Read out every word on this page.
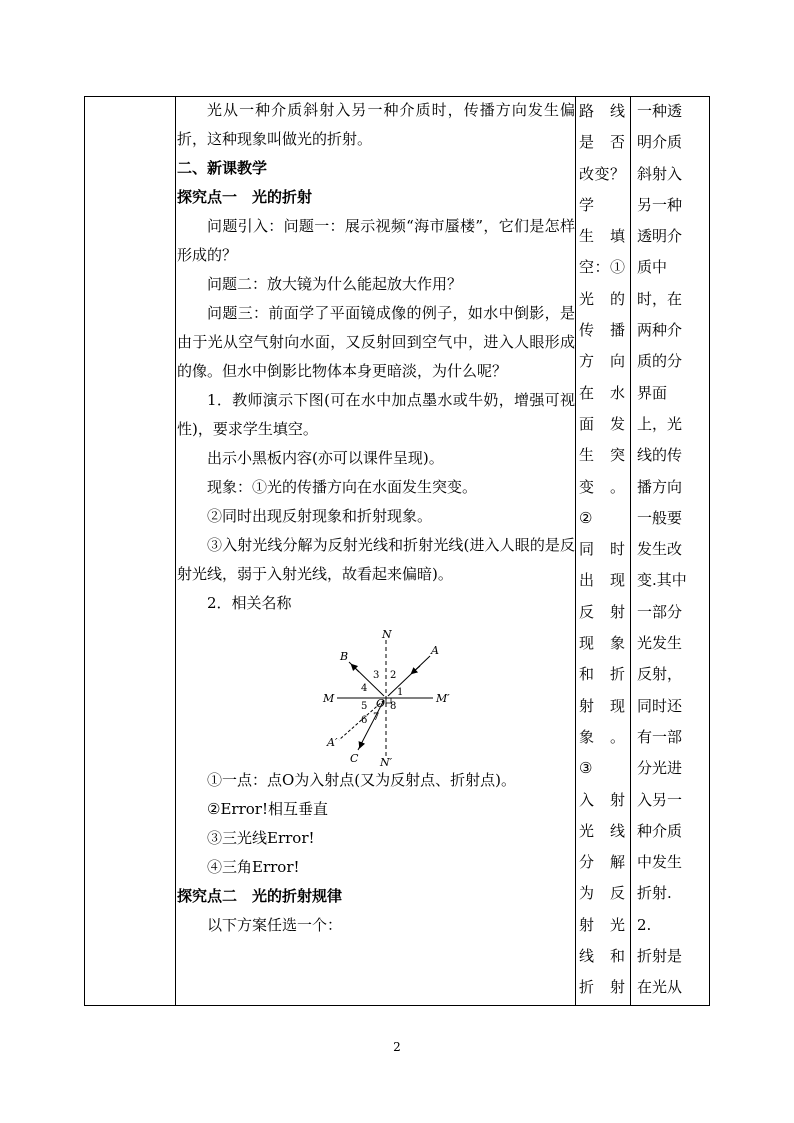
光从一种介质斜射入另一种介质时，传播方向发生偏折，这种现象叫做光的折射。

二、新课教学

探究点一　光的折射

问题引入：问题一：展示视频“海市蜃楼”，它们是怎样形成的？

问题二：放大镜为什么能起放大作用？

问题三：前面学了平面镜成像的例子，如水中倒影，是由于光从空气射向水面，又反射回到空气中，进入人眼形成的像。但水中倒影比物体本身更暗淡，为什么呢？

1．教师演示下图(可在水中加点墨水或牛奶，增强可视性)，要求学生填空。

出示小黑板内容(亦可以课件呈现)。

现象：①光的传播方向在水面发生突变。

②同时出现反射现象和折射现象。

③入射光线分解为反射光线和折射光线(进入人眼的是反射光线，弱于入射光线，故看起来偏暗)。

2．相关名称

N
N′
M	M′
A
A′
B
C
O
1
2
3
4
5
6 7
8

①一点：点O为入射点(又为反射点、折射点)。

②Error!相互垂直

③三光线Error!

④三角Error!

探究点二　光的折射规律

以下方案任选一个：

路　线
是　否
改变？
学
生　填
空：①
光　的
传　播
方　向
在　水
面　发
生　突
变。
②
同　时
出　现
反　射
现　象
和　折
射　现
象。
③
入　射
光　线
分　解
为　反
射　光
线　和
折　射
一种透
明介质
斜射入
另一种
透明介
质中
时，在
两种介
质的分
界面
上，光
线的传
播方向
一般要
发生改
变.其中
一部分
光发生
反射，
同时还
有一部
分光进
入另一
种介质
中发生
折射.
2.
折射是
在光从
2
